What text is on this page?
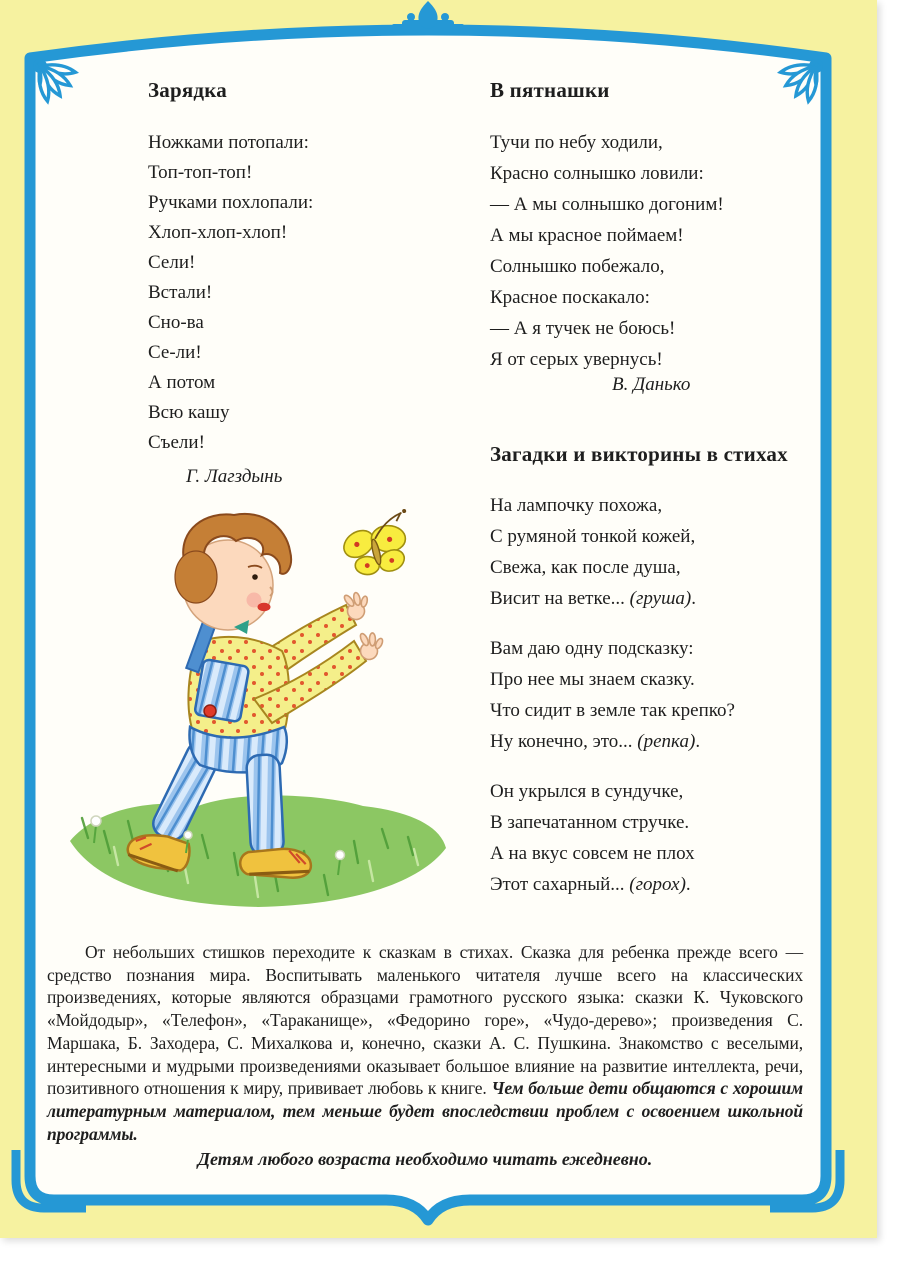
Зарядка
Ножками потопали:
Топ-топ-топ!
Ручками похлопали:
Хлоп-хлоп-хлоп!
Сели!
Встали!
Сно-ва
Се-ли!
А потом
Всю кашу
Съели!
Г. Лагздынь
В пятнашки
Тучи по небу ходили,
Красно солнышко ловили:
— А мы солнышко догоним!
А мы красное поймаем!
Солнышко побежало,
Красное поскакало:
— А я тучек не боюсь!
Я от серых увернусь!
В. Данько
Загадки и викторины в стихах
На лампочку похожа,
С румяной тонкой кожей,
Свежа, как после душа,
Висит на ветке... (груша).
Вам даю одну подсказку:
Про нее мы знаем сказку.
Что сидит в земле так крепко?
Ну конечно, это... (репка).
Он укрылся в сундучке,
В запечатанном стручке.
А на вкус совсем не плох
Этот сахарный... (горох).
От небольших стишков переходите к сказкам в стихах. Сказка для ребенка прежде всего — средство познания мира. Воспитывать маленького читателя лучше всего на классических произведениях, которые являются образцами грамотного русского языка: сказки К. Чуковского «Мойдодыр», «Телефон», «Тараканище», «Федорино горе», «Чудо-дерево»; произведения С. Маршака, Б. Заходера, С. Михалкова и, конечно, сказки А. С. Пушкина. Знакомство с веселыми, интересными и мудрыми произведениями оказывает большое влияние на развитие интеллекта, речи, позитивного отношения к миру, прививает любовь к книге. Чем больше дети общаются с хорошим литературным материалом, тем меньше будет впоследствии проблем с освоением школьной программы.
Детям любого возраста необходимо читать ежедневно.
